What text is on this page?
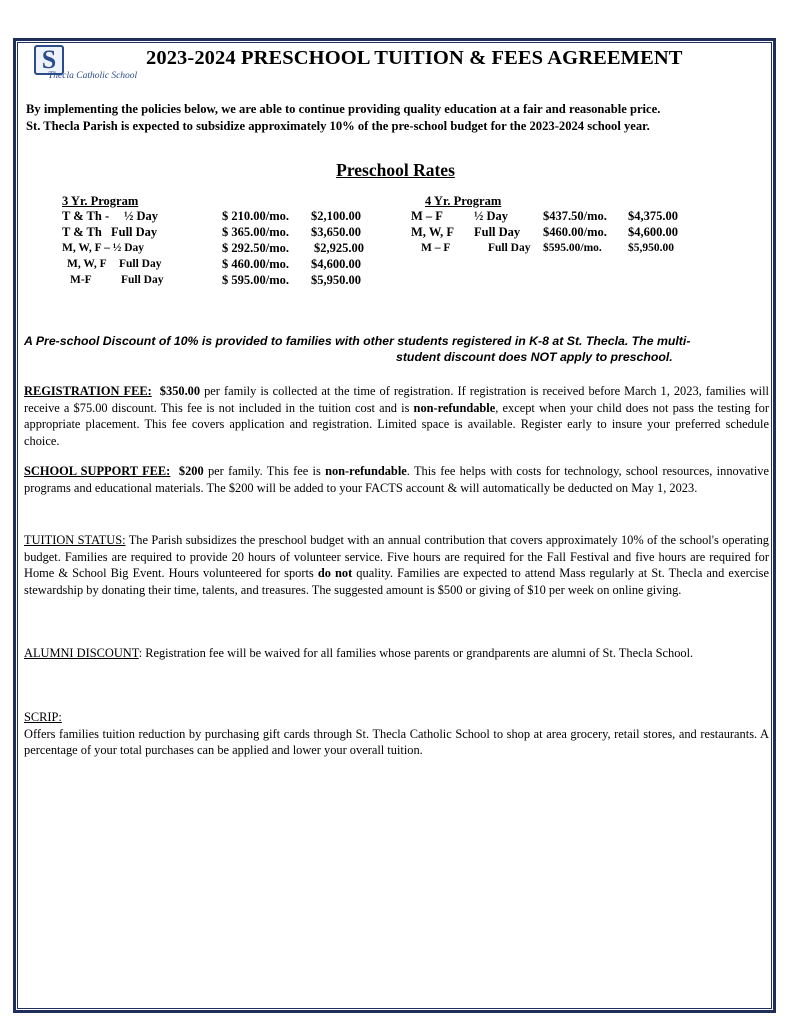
S
Thecla Catholic School
2023-2024 PRESCHOOL TUITION & FEES AGREEMENT
By implementing the policies below, we are able to continue providing quality education at a fair and reasonable price.
St. Thecla Parish is expected to subsidize approximately 10% of the pre-school budget for the 2023-2024 school year.
Preschool Rates
3 Yr. Program
T & Th - ½ Day	$ 210.00/mo. $2,100.00
T & Th Full Day	$ 365.00/mo. $3,650.00
M, W, F – ½ Day	$ 292.50/mo. $2,925.00
M, W, F Full Day	$ 460.00/mo. $4,600.00
M-F	Full Day	$ 595.00/mo. $5,950.00
4 Yr. Program
M – F ½ Day	$437.50/mo. $4,375.00
M, W, F Full Day $460.00/mo. $4,600.00
M – F	Full Day $595.00/mo. $5,950.00
A Pre-school Discount of 10% is provided to families with other students registered in K-8 at St. Thecla. The multi-
student discount does NOT apply to preschool.
REGISTRATION FEE: $350.00 per family is collected at the time of registration. If registration is received before March 1, 2023, families will receive a $75.00 discount. This fee is not included in the tuition cost and is non-refundable, except when your child does not pass the testing for appropriate placement. This fee covers application and registration. Limited space is available. Register early to insure your preferred schedule choice.
SCHOOL SUPPORT FEE: $200 per family. This fee is non-refundable. This fee helps with costs for technology, school resources, innovative programs and educational materials. The $200 will be added to your FACTS account & will automatically be deducted on May 1, 2023.
TUITION STATUS: The Parish subsidizes the preschool budget with an annual contribution that covers approximately 10% of the school's operating budget. Families are required to provide 20 hours of volunteer service. Five hours are required for the Fall Festival and five hours are required for Home & School Big Event. Hours volunteered for sports do not quality. Families are expected to attend Mass regularly at St. Thecla and exercise stewardship by donating their time, talents, and treasures. The suggested amount is $500 or giving of $10 per week on online giving.
ALUMNI DISCOUNT: Registration fee will be waived for all families whose parents or grandparents are alumni of St. Thecla School.
SCRIP:
Offers families tuition reduction by purchasing gift cards through St. Thecla Catholic School to shop at area grocery, retail stores, and restaurants. A percentage of your total purchases can be applied and lower your overall tuition.
